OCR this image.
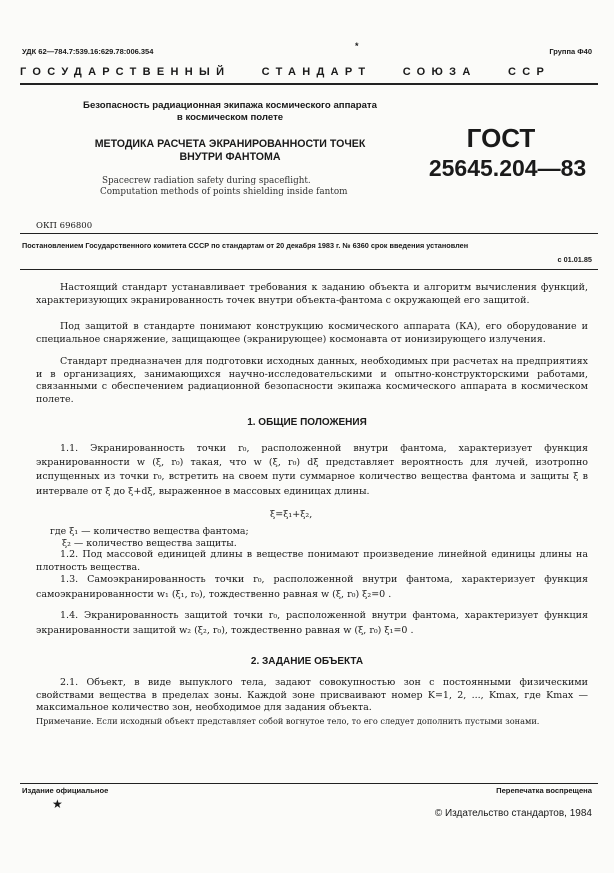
УДК 62—784.7:539.16:629.78:006.354
*
Группа Ф40
ГОСУДАРСТВЕННЫЙ СТАНДАРТ СОЮЗА ССР
Безопасность радиационная экипажа космического аппарата в космическом полете
МЕТОДИКА РАСЧЕТА ЭКРАНИРОВАННОСТИ ТОЧЕК ВНУТРИ ФАНТОМА
Spacecrew radiation safety during spaceflight.
Computation methods of points shielding inside fantom
ГОСТ
25645.204—83
ОКП 696800
Постановлением Государственного комитета СССР по стандартам от 20 декабря 1983 г. № 6360 срок введения установлен
с 01.01.85
Настоящий стандарт устанавливает требования к заданию объекта и алгоритм вычисления функций, характеризующих экранированность точек внутри объекта-фантома с окружающей его защитой.
Под защитой в стандарте понимают конструкцию космического аппарата (КА), его оборудование и специальное снаряжение, защищающее (экранирующее) космонавта от ионизирующего излучения.
Стандарт предназначен для подготовки исходных данных, необходимых при расчетах на предприятиях и в организациях, занимающихся научно-исследовательскими и опытно-конструкторскими работами, связанными с обеспечением радиационной безопасности экипажа космического аппарата в космическом полете.
1. ОБЩИЕ ПОЛОЖЕНИЯ
1.1. Экранированность точки r₀, расположенной внутри фантома, характеризует функция экранированности w (ξ, r₀) такая, что w (ξ, r₀) dξ представляет вероятность для лучей, изотропно испущенных из точки r₀, встретить на своем пути суммарное количество вещества фантома и защиты ξ в интервале от ξ до ξ+dξ, выраженное в массовых единицах длины.
ξ=ξ₁+ξ₂,
где ξ₁ — количество вещества фантома;
ξ₂ — количество вещества защиты.
1.2. Под массовой единицей длины в веществе понимают произведение линейной единицы длины на плотность вещества.
1.3. Самоэкранированность точки r₀, расположенной внутри фантома, характеризует функция самоэкранированности w₁ (ξ₁, r₀), тождественно равная w (ξ, r₀) ξ₂=0 .
1.4. Экранированность защитой точки r₀, расположенной внутри фантома, характеризует функция экранированности защитой w₂ (ξ₂, r₀), тождественно равная w (ξ, r₀) ξ₁=0 .
2. ЗАДАНИЕ ОБЪЕКТА
2.1. Объект, в виде выпуклого тела, задают совокупностью зон с постоянными физическими свойствами вещества в пределах зоны. Каждой зоне присваивают номер K=1, 2, ..., Kmax, где Kmax — максимальное количество зон, необходимое для задания объекта.
Примечание. Если исходный объект представляет собой вогнутое тело, то его следует дополнить пустыми зонами.
Издание официальное	Перепечатка воспрещена
★
© Издательство стандартов, 1984
